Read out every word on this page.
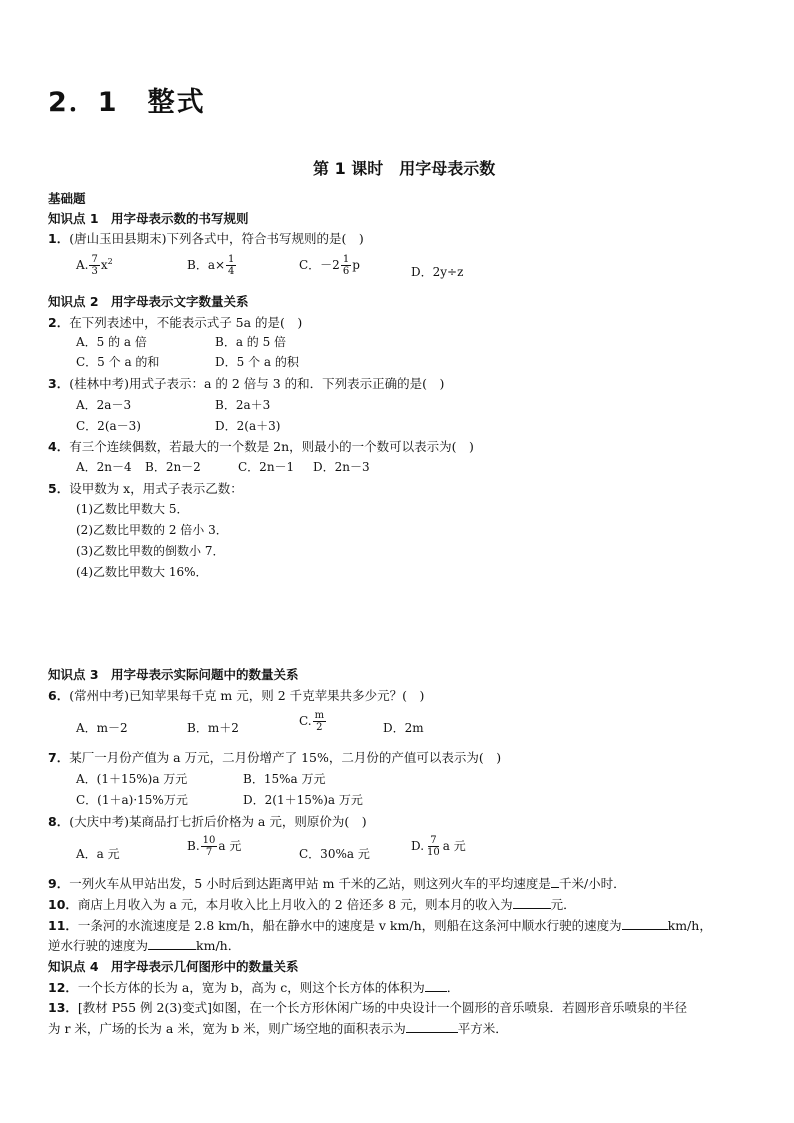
2．1　整式
第 1 课时　用字母表示数
基础题
知识点 1　用字母表示数的书写规则
1．(唐山玉田县期末)下列各式中，符合书写规则的是(　)
A. $\frac{7}{3} x^2$	B．$a\times \frac{1}{4}$	C．$-2 \frac{1}{6}$ p	D．2y÷z
知识点 2　用字母表示文字数量关系
2．在下列表述中，不能表示式子 5a 的是(　)
A．5 的 a 倍	B．a 的 5 倍
C．5 个 a 的和	D．5 个 a 的积
3．(桂林中考)用式子表示：a 的 2 倍与 3 的和．下列表示正确的是(　)
A．2a－3	B．2a＋3
C．2(a－3)	D．2(a＋3)
4．有三个连续偶数，若最大的一个数是 2n，则最小的一个数可以表示为(　)
A．2n－4 B．2n－2	C．2n－1 D．2n－3
5．设甲数为 x，用式子表示乙数：
(1)乙数比甲数大 5．
(2)乙数比甲数的 2 倍小 3．
(3)乙数比甲数的倒数小 7．
(4)乙数比甲数大 16%．
知识点 3　用字母表示实际问题中的数量关系
6．(常州中考)已知苹果每千克 m 元，则 2 千克苹果共多少元？(　)
A．m－2	B．m＋2	C. $\frac{m}{2}$	D．2m
7．某厂一月份产值为 a 万元，二月份增产了 15%，二月份的产值可以表示为(　)
A．(1＋15%)a 万元	B．15%a 万元
C．(1＋a)·15%万元	D．2(1＋15%)a 万元
8．(大庆中考)某商品打七折后价格为 a 元，则原价为(　)
A．a 元
B. $\frac{10}{7}$ a 元
C．30%a 元
D. $\frac{7}{10}$ a 元
9．一列火车从甲站出发，5 小时后到达距离甲站 m 千米的乙站，则这列火车的平均速度是 千米/小时．
10．商店上月收入为 a 元，本月收入比上月收入的 2 倍还多 8 元，则本月的收入为	元．
11．一条河的水流速度是 2.8 km/h，船在静水中的速度是 v km/h，则船在这条河中顺水行驶的速度为	km/h，
逆水行驶的速度为	km/h．
知识点 4　用字母表示几何图形中的数量关系
12．一个长方体的长为 a，宽为 b，高为 c，则这个长方体的体积为 ．
13．[教材 P55 例 2(3)变式]如图，在一个长方形休闲广场的中央设计一个圆形的音乐喷泉．若圆形音乐喷泉的半径
为 r 米，广场的长为 a 米，宽为 b 米，则广场空地的面积表示为	平方米．
